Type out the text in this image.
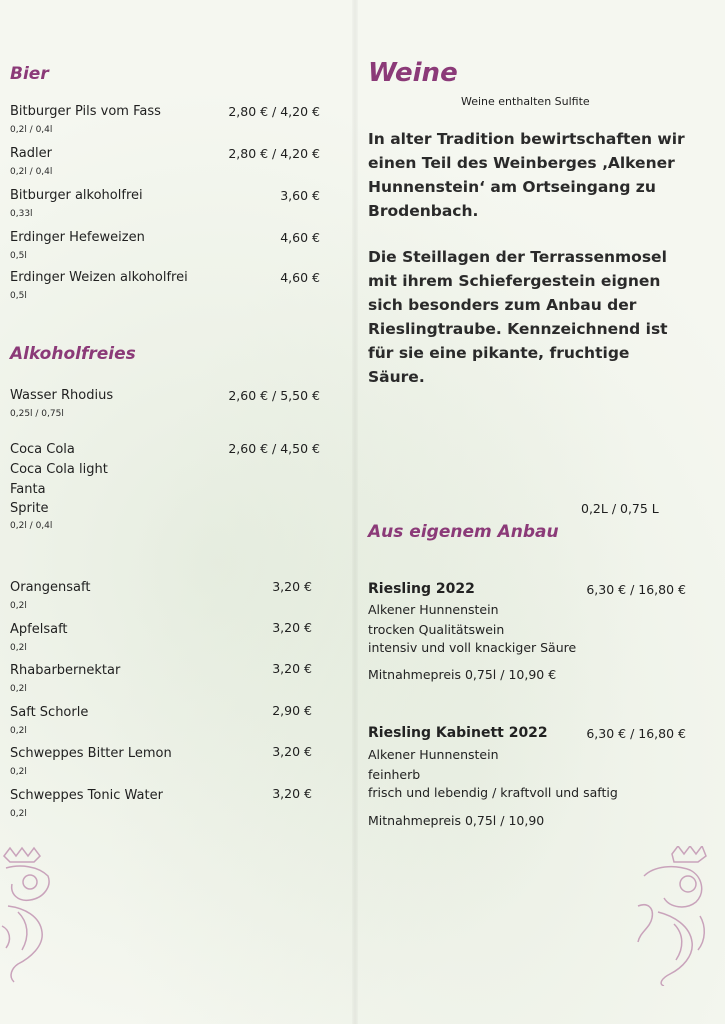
Bier
Bitburger Pils vom Fass
0,2l / 0,4l
2,80 € / 4,20 €
Radler
0,2l / 0,4l
2,80 € / 4,20 €
Bitburger alkoholfrei
0,33l
3,60 €
Erdinger Hefeweizen
0,5l
4,60 €
Erdinger Weizen alkoholfrei
0,5l
4,60 €
Alkoholfreies
Wasser Rhodius
0,25l / 0,75l
2,60 € / 5,50 €
Coca Cola
Coca Cola light
Fanta
Sprite
0,2l / 0,4l
2,60 € / 4,50 €
Orangensaft
0,2l
3,20 €
Apfelsaft
0,2l
3,20 €
Rhabarbernektar
0,2l
3,20 €
Saft Schorle
0,2l
2,90 €
Schweppes Bitter Lemon
0,2l
3,20 €
Schweppes Tonic Water
0,2l
3,20 €
Weine
Weine enthalten Sulfite
In alter Tradition bewirtschaften wir einen Teil des Weinberges ‚Alkener Hunnenstein‘ am Ortseingang zu Brodenbach.
Die Steillagen der Terrassenmosel mit ihrem Schiefergestein eignen sich besonders zum Anbau der Rieslingtraube. Kennzeichnend ist für sie eine pikante, fruchtige Säure.
0,2L / 0,75 L
Aus eigenem Anbau
Riesling 2022	6,30 € / 16,80 €
Alkener Hunnenstein
trocken Qualitätswein
intensiv und voll knackiger Säure
Mitnahmepreis 0,75l / 10,90 €
Riesling Kabinett 2022	6,30 € / 16,80 €
Alkener Hunnenstein
feinherb
frisch und lebendig / kraftvoll und saftig
Mitnahmepreis 0,75l / 10,90
